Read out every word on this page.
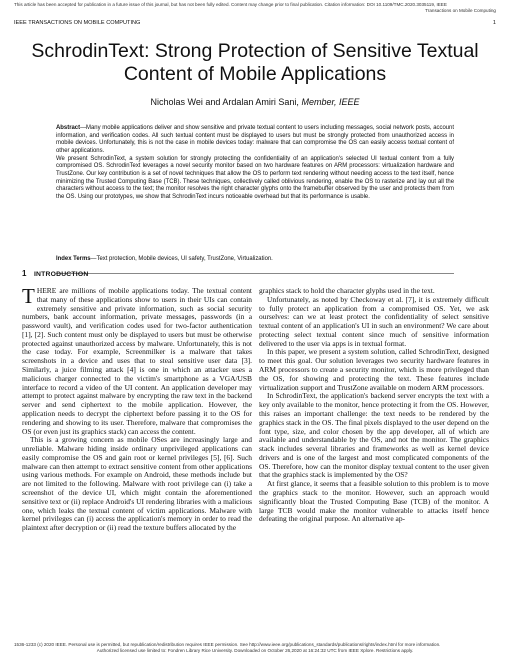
This article has been accepted for publication in a future issue of this journal, but has not been fully edited. Content may change prior to final publication. Citation information: DOI 10.1109/TMC.2020.3035119, IEEE
Transactions on Mobile Computing
IEEE TRANSACTIONS ON MOBILE COMPUTING	1
SchrodinText: Strong Protection of Sensitive Textual Content of Mobile Applications
Nicholas Wei and Ardalan Amiri Sani, Member, IEEE

Abstract—Many mobile applications deliver and show sensitive and private textual content to users including messages, social network posts, account information, and verification codes. All such textual content must be displayed to users but must be strongly protected from unauthorized access in mobile devices. Unfortunately, this is not the case in mobile devices today: malware that can compromise the OS can easily access textual content of other applications.

We present SchrodinText, a system solution for strongly protecting the confidentiality of an application's selected UI textual content from a fully compromised OS. SchrodinText leverages a novel security monitor based on two hardware features on ARM processors: virtualization hardware and TrustZone. Our key contribution is a set of novel techniques that allow the OS to perform text rendering without needing access to the text itself, hence minimizing the Trusted Computing Base (TCB). These techniques, collectively called oblivious rendering, enable the OS to rasterize and lay out all the characters without access to the text; the monitor resolves the right character glyphs onto the framebuffer observed by the user and protects them from the OS. Using our prototypes, we show that SchrodinText incurs noticeable overhead but that its performance is usable.

Index Terms—Text protection, Mobile devices, UI safety, TrustZone, Virtualization.
1 INTRODUCTION

THERE are millions of mobile applications today. The textual content that many of these applications show to users in their UIs can contain extremely sensitive and private information, such as social security numbers, bank account information, private messages, passwords (in a password vault), and verification codes used for two-factor authentication [1], [2]. Such content must only be displayed to users but must be otherwise protected against unauthorized access by malware. Unfortunately, this is not the case today. For example, Screenmilker is a malware that takes screenshots in a device and uses that to steal sensitive user data [3]. Similarly, a juice filming attack [4] is one in which an attacker uses a malicious charger connected to the victim's smartphone as a VGA/USB interface to record a video of the UI content. An application developer may attempt to protect against malware by encrypting the raw text in the backend server and send ciphertext to the mobile application. However, the application needs to decrypt the ciphertext before passing it to the OS for rendering and showing to its user. Therefore, malware that compromises the OS (or even just its graphics stack) can access the content.

This is a growing concern as mobile OSes are increasingly large and unreliable. Malware hiding inside ordinary unprivileged applications can easily compromise the OS and gain root or kernel privileges [5], [6]. Such malware can then attempt to extract sensitive content from other applications using various methods. For example on Android, these methods include but are not limited to the following. Malware with root privilege can (i) take a screenshot of the device UI, which might contain the aforementioned sensitive text or (ii) replace Android's UI rendering libraries with a malicious one, which leaks the textual content of victim applications. Malware with kernel privileges can (i) access the application's memory in order to read the plaintext after decryption or (ii) read the texture buffers allocated by the

graphics stack to hold the character glyphs used in the text.

Unfortunately, as noted by Checkoway et al. [7], it is extremely difficult to fully protect an application from a compromised OS. Yet, we ask ourselves: can we at least protect the confidentiality of select sensitive textual content of an application's UI in such an environment? We care about protecting select textual content since much of sensitive information delivered to the user via apps is in textual format.

In this paper, we present a system solution, called SchrodinText, designed to meet this goal. Our solution leverages two security hardware features in ARM processors to create a security monitor, which is more privileged than the OS, for showing and protecting the text. These features include virtualization support and TrustZone available on modern ARM processors.

In SchrodinText, the application's backend server encrypts the text with a key only available to the monitor, hence protecting it from the OS. However, this raises an important challenge: the text needs to be rendered by the graphics stack in the OS. The final pixels displayed to the user depend on the font type, size, and color chosen by the app developer, all of which are available and understandable by the OS, and not the monitor. The graphics stack includes several libraries and frameworks as well as kernel device drivers and is one of the largest and most complicated components of the OS. Therefore, how can the monitor display textual content to the user given that the graphics stack is implemented by the OS?

At first glance, it seems that a feasible solution to this problem is to move the graphics stack to the monitor. However, such an approach would significantly bloat the Trusted Computing Base (TCB) of the monitor. A large TCB would make the monitor vulnerable to attacks itself hence defeating the original purpose. An alternative ap-

1536-1233 (c) 2020 IEEE. Personal use is permitted, but republication/redistribution requires IEEE permission. See http://www.ieee.org/publications_standards/publications/rights/index.html for more information.
Authorized licensed use limited to: Fondren Library Rice University. Downloaded on October 26,2020 at 16:24:32 UTC from IEEE Xplore. Restrictions apply.
